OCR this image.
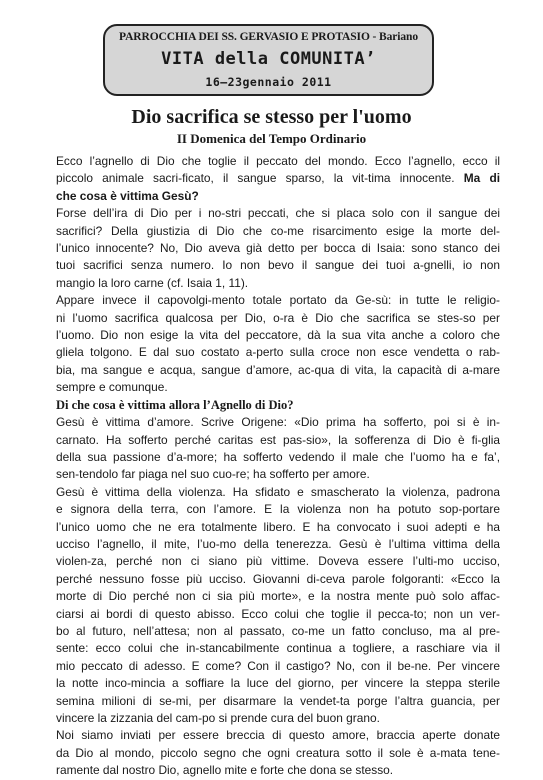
PARROCCHIA DEI SS. GERVASIO E PROTASIO - Bariano
VITA della COMUNITA’
16—23gennaio 2011
Dio sacrifica se stesso per l'uomo
II Domenica del Tempo Ordinario
Ecco l’agnello di Dio che toglie il peccato del mondo. Ecco l’agnello, ecco il
piccolo animale sacri-ficato, il sangue sparso, la vit-tima innocente. Ma di
che cosa è vittima Gesù?
Forse dell’ira di Dio per i no-stri peccati, che si placa solo con il sangue dei
sacrifici? Della giustizia di Dio che co-me risarcimento esige la morte del-
l’unico innocente? No, Dio aveva già detto per bocca di Isaia: sono stanco dei
tuoi sacrifici senza numero. Io non bevo il sangue dei tuoi a-gnelli, io non
mangio la loro carne (cf. Isaia 1, 11).
Appare invece il capovolgi-mento totale portato da Ge-sù: in tutte le religio-
ni l’uomo sacrifica qualcosa per Dio, o-ra è Dio che sacrifica se stes-so per
l’uomo. Dio non esige la vita del peccatore, dà la sua vita anche a coloro che
gliela tolgono. E dal suo costato a-perto sulla croce non esce vendetta o rab-
bia, ma sangue e acqua, sangue d’amore, ac-qua di vita, la capacità di a-mare
sempre e comunque.
Di che cosa è vittima allora l’Agnello di Dio?
Gesù è vittima d’amore. Scrive Origene: «Dio prima ha sofferto, poi si è in-
carnato. Ha sofferto perché caritas est pas-sio», la sofferenza di Dio è fi-glia
della sua passione d’a-more; ha sofferto vedendo il male che l’uomo ha e fa’,
sen-tendolo far piaga nel suo cuo-re; ha sofferto per amore.
Gesù è vittima della violenza. Ha sfidato e smascherato la violenza, padrona
e signora della terra, con l’amore. E la violenza non ha potuto sop-portare
l’unico uomo che ne era totalmente libero. E ha convocato i suoi adepti e ha
ucciso l’agnello, il mite, l’uo-mo della tenerezza. Gesù è l’ultima vittima della
violen-za, perché non ci siano più vittime. Doveva essere l’ulti-mo ucciso,
perché nessuno fosse più ucciso. Giovanni di-ceva parole folgoranti: «Ecco la
morte di Dio perché non ci sia più morte», e la nostra mente può solo affac-
ciarsi ai bordi di questo abisso. Ecco colui che toglie il pecca-to; non un ver-
bo al futuro, nell’attesa; non al passato, co-me un fatto concluso, ma al pre-
sente: ecco colui che in-stancabilmente continua a togliere, a raschiare via il
mio peccato di adesso. E come? Con il castigo? No, con il be-ne. Per vincere
la notte inco-mincia a soffiare la luce del giorno, per vincere la steppa sterile
semina milioni di se-mi, per disarmare la vendet-ta porge l’altra guancia, per
vincere la zizzania del cam-po si prende cura del buon grano.
Noi siamo inviati per essere breccia di questo amore, braccia aperte donate
da Dio al mondo, piccolo segno che ogni creatura sotto il sole è a-mata tene-
ramente dal nostro Dio, agnello mite e forte che dona se stesso.
